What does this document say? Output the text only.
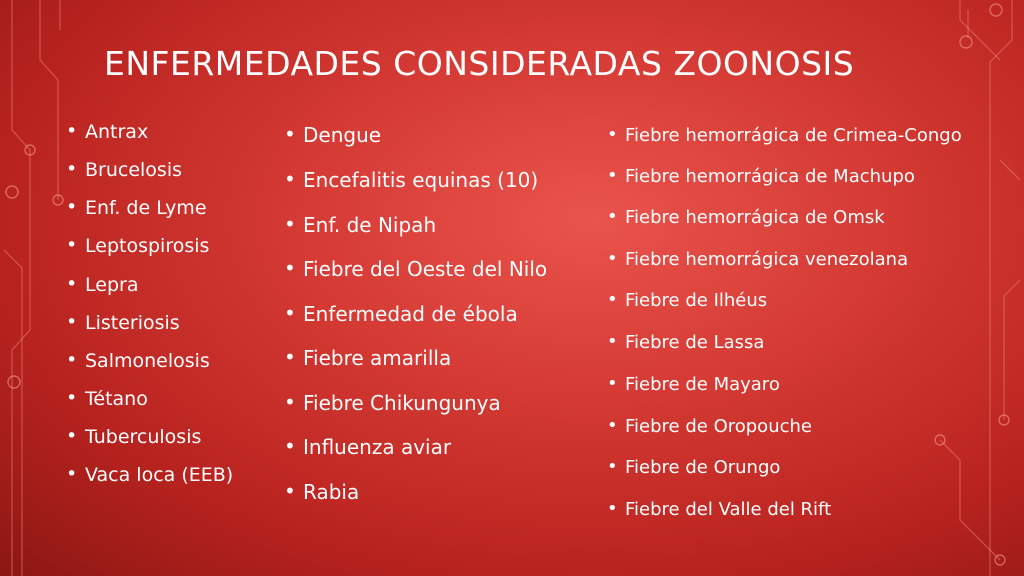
ENFERMEDADES CONSIDERADAS ZOONOSIS
• Antrax
• Brucelosis
• Enf. de Lyme
• Leptospirosis
• Lepra
• Listeriosis
• Salmonelosis
• Tétano
• Tuberculosis
• Vaca loca (EEB)
• Dengue
• Encefalitis equinas (10)
• Enf. de Nipah
• Fiebre del Oeste del Nilo
• Enfermedad de ébola
• Fiebre amarilla
• Fiebre Chikungunya
• Influenza aviar
• Rabia
• Fiebre hemorrágica de Crimea-Congo
• Fiebre hemorrágica de Machupo
• Fiebre hemorrágica de Omsk
• Fiebre hemorrágica venezolana
• Fiebre de Ilhéus
• Fiebre de Lassa
• Fiebre de Mayaro
• Fiebre de Oropouche
• Fiebre de Orungo
• Fiebre del Valle del Rift
